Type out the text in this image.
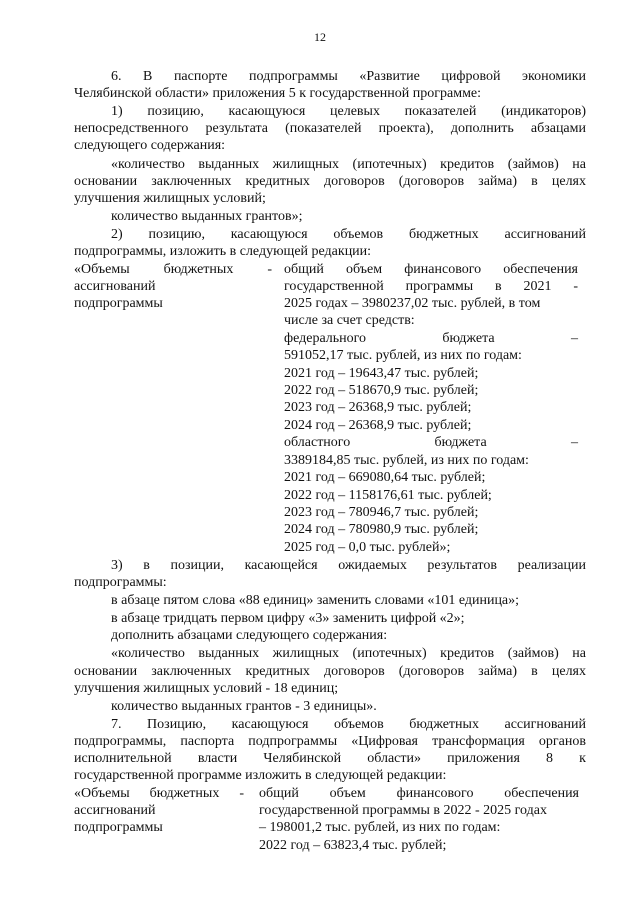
12
6. В паспорте подпрограммы «Развитие цифровой экономики
Челябинской области» приложения 5 к государственной программе:
1) позицию, касающуюся целевых показателей (индикаторов)
непосредственного результата (показателей проекта), дополнить абзацами
следующего содержания:
«количество выданных жилищных (ипотечных) кредитов (займов) на
основании заключенных кредитных договоров (договоров займа) в целях
улучшения жилищных условий;
количество выданных грантов»;
2) позицию, касающуюся объемов бюджетных ассигнований
подпрограммы, изложить в следующей редакции:
«Объемы бюджетных -
ассигнований
подпрограммы
общий объем финансового обеспечения
государственной программы в 2021 -
2025 годах – 3980237,02 тыс. рублей, в том
числе за счет средств:
федерального бюджета –
591052,17 тыс. рублей, из них по годам:
2021 год – 19643,47 тыс. рублей;
2022 год – 518670,9 тыс. рублей;
2023 год – 26368,9 тыс. рублей;
2024 год – 26368,9 тыс. рублей;
областного бюджета –
3389184,85 тыс. рублей, из них по годам:
2021 год – 669080,64 тыс. рублей;
2022 год – 1158176,61 тыс. рублей;
2023 год – 780946,7 тыс. рублей;
2024 год – 780980,9 тыс. рублей;
2025 год – 0,0 тыс. рублей»;
3) в позиции, касающейся ожидаемых результатов реализации
подпрограммы:
в абзаце пятом слова «88 единиц» заменить словами «101 единица»;
в абзаце тридцать первом цифру «3» заменить цифрой «2»;
дополнить абзацами следующего содержания:
«количество выданных жилищных (ипотечных) кредитов (займов) на
основании заключенных кредитных договоров (договоров займа) в целях
улучшения жилищных условий - 18 единиц;
количество выданных грантов - 3 единицы».
7. Позицию, касающуюся объемов бюджетных ассигнований
подпрограммы, паспорта подпрограммы «Цифровая трансформация органов
исполнительной власти Челябинской области» приложения 8 к
государственной программе изложить в следующей редакции:
«Объемы бюджетных -
ассигнований
подпрограммы
общий объем финансового обеспечения
государственной программы в 2022 - 2025 годах
– 198001,2 тыс. рублей, из них по годам:
2022 год – 63823,4 тыс. рублей;
